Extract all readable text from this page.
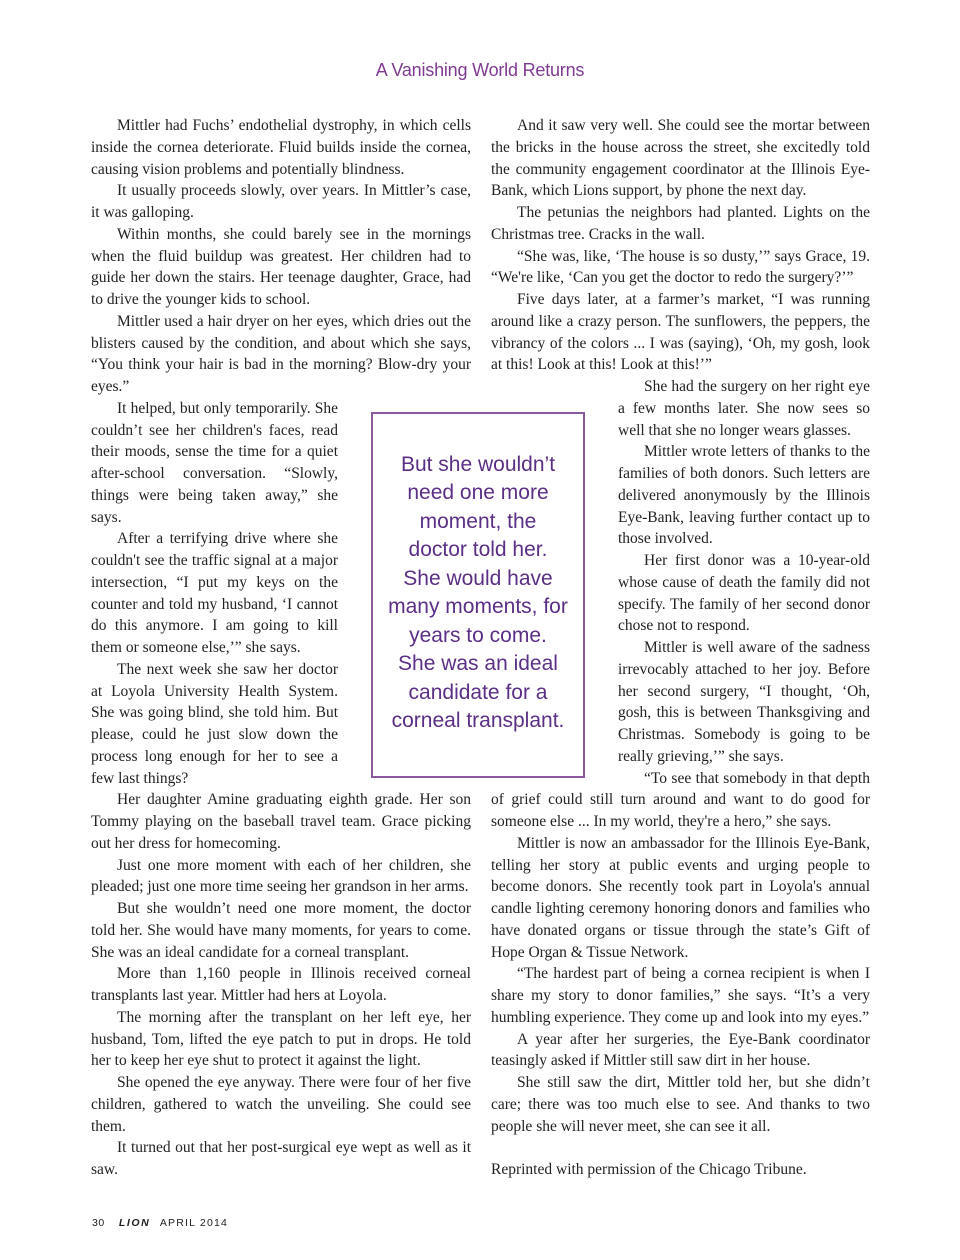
A Vanishing World Returns

Mittler had Fuchs’ endothelial dystrophy, in which cells inside the cornea deteriorate. Fluid builds inside the cornea, causing vision problems and potentially blindness.

It usually proceeds slowly, over years. In Mittler’s case, it was galloping.

Within months, she could barely see in the mornings when the fluid buildup was greatest. Her children had to guide her down the stairs. Her teenage daughter, Grace, had to drive the younger kids to school.

Mittler used a hair dryer on her eyes, which dries out the blisters caused by the condition, and about which she says, “You think your hair is bad in the morning? Blow-dry your eyes.”

It helped, but only temporarily. She couldn’t see her children's faces, read their moods, sense the time for a quiet after-school conversation. “Slowly, things were being taken away,” she says.

After a terrifying drive where she couldn't see the traffic signal at a major intersection, “I put my keys on the counter and told my husband, ‘I cannot do this anymore. I am going to kill them or someone else,’” she says.

The next week she saw her doctor at Loyola University Health System. She was going blind, she told him. But please, could he just slow down the process long enough for her to see a few last things?

Her daughter Amine graduating eighth grade. Her son Tommy playing on the baseball travel team. Grace picking out her dress for homecoming.

Just one more moment with each of her children, she pleaded; just one more time seeing her grandson in her arms.

But she wouldn’t need one more moment, the doctor told her. She would have many moments, for years to come. She was an ideal candidate for a corneal transplant.

More than 1,160 people in Illinois received corneal transplants last year. Mittler had hers at Loyola.

The morning after the transplant on her left eye, her husband, Tom, lifted the eye patch to put in drops. He told her to keep her eye shut to protect it against the light.

She opened the eye anyway. There were four of her five children, gathered to watch the unveiling. She could see them.

It turned out that her post-surgical eye wept as well as it saw.

And it saw very well. She could see the mortar between the bricks in the house across the street, she excitedly told the community engagement coordinator at the Illinois Eye-Bank, which Lions support, by phone the next day.

The petunias the neighbors had planted. Lights on the Christmas tree. Cracks in the wall.

“She was, like, ‘The house is so dusty,’” says Grace, 19. “We're like, ‘Can you get the doctor to redo the surgery?’”

Five days later, at a farmer’s market, “I was running around like a crazy person. The sunflowers, the peppers, the vibrancy of the colors ... I was (saying), ‘Oh, my gosh, look at this! Look at this! Look at this!’”

She had the surgery on her right eye a few months later. She now sees so well that she no longer wears glasses.

Mittler wrote letters of thanks to the families of both donors. Such letters are delivered anonymously by the Illinois Eye-Bank, leaving further contact up to those involved.

Her first donor was a 10-year-old whose cause of death the family did not specify. The family of her second donor chose not to respond.

Mittler is well aware of the sadness irrevocably attached to her joy. Before her second surgery, “I thought, ‘Oh, gosh, this is between Thanksgiving and Christmas. Somebody is going to be really grieving,’” she says.

“To see that somebody in that depth of grief could still turn around and want to do good for someone else ... In my world, they're a hero,” she says.

Mittler is now an ambassador for the Illinois Eye-Bank, telling her story at public events and urging people to become donors. She recently took part in Loyola's annual candle lighting ceremony honoring donors and families who have donated organs or tissue through the state’s Gift of Hope Organ & Tissue Network.

“The hardest part of being a cornea recipient is when I share my story to donor families,” she says. “It’s a very humbling experience. They come up and look into my eyes.”

A year after her surgeries, the Eye-Bank coordinator teasingly asked if Mittler still saw dirt in her house.

She still saw the dirt, Mittler told her, but she didn’t care; there was too much else to see. And thanks to two people she will never meet, she can see it all.

Reprinted with permission of the Chicago Tribune.

But she wouldn’t need one more moment, the doctor told her. She would have many moments, for years to come. She was an ideal candidate for a corneal transplant.
30 LION APRIL 2014
